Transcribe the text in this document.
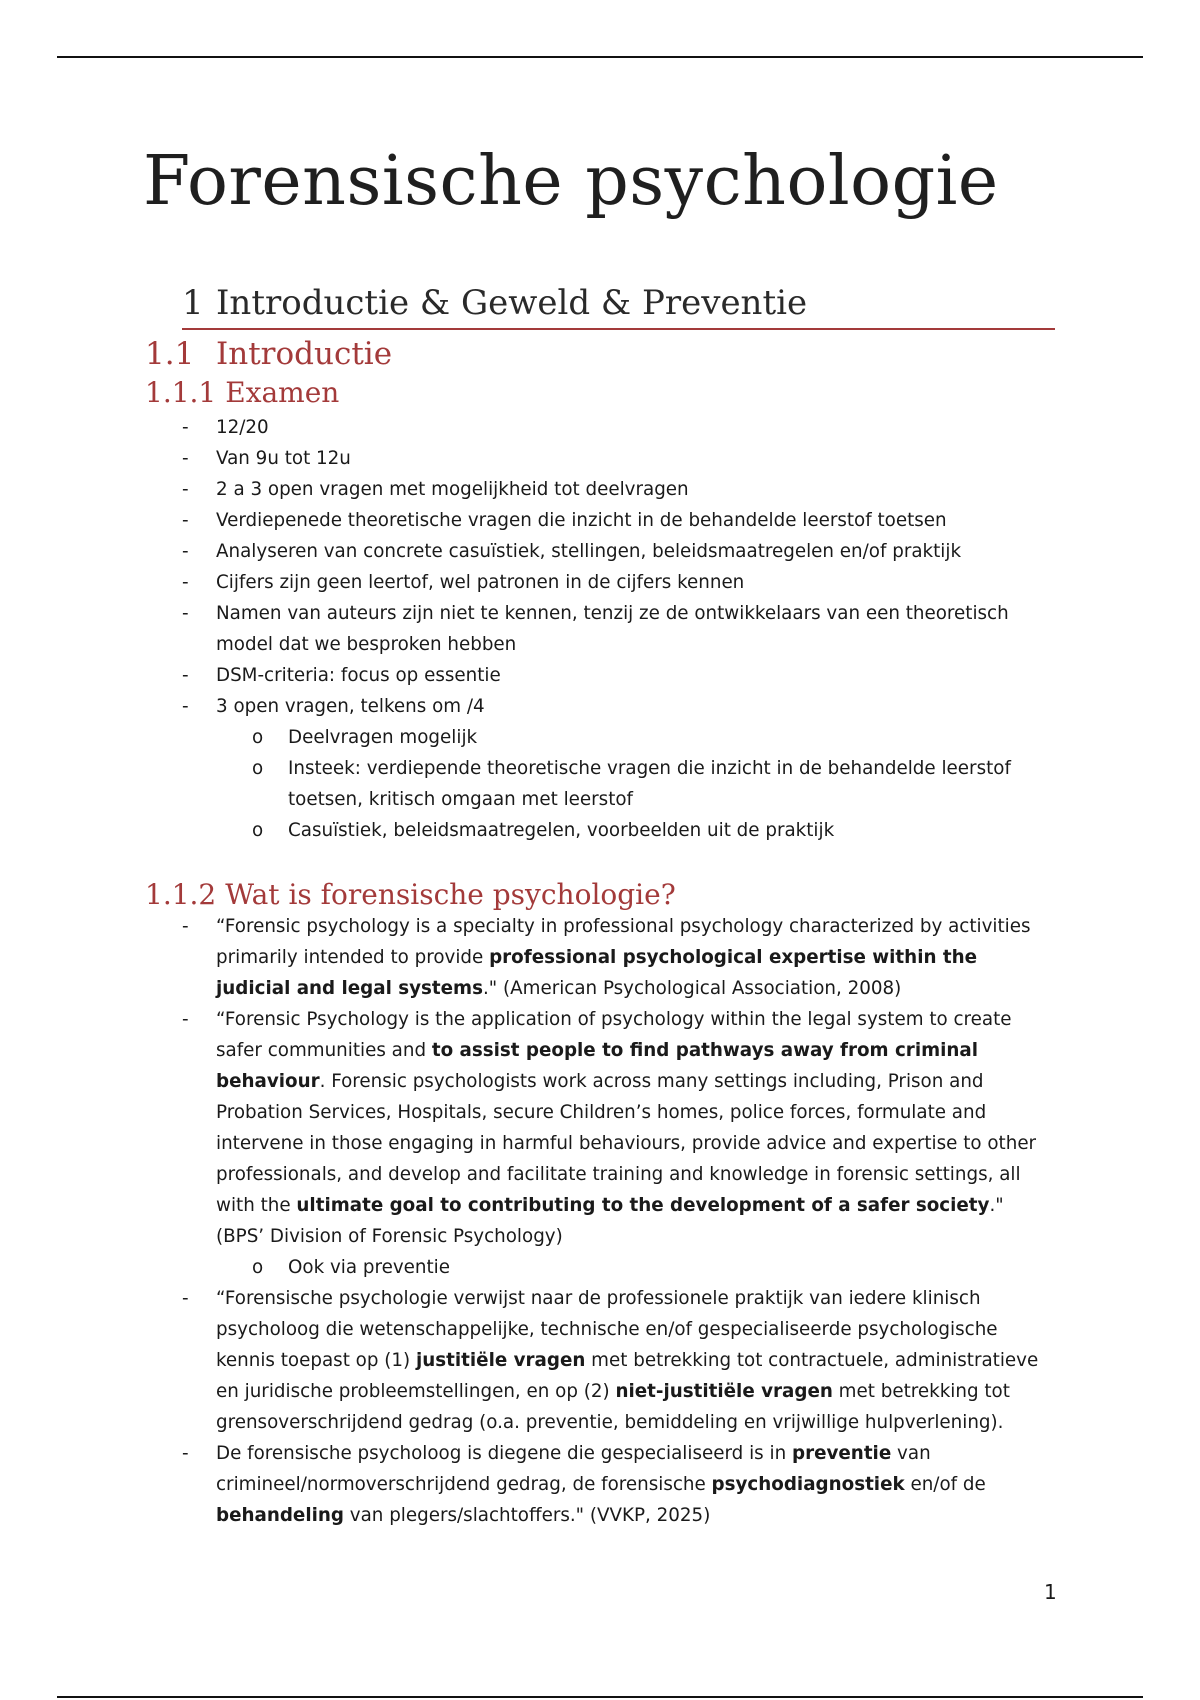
Forensische psychologie
1 Introductie & Geweld & Preventie
1.1 Introductie
1.1.1 Examen
- 12/20
- Van 9u tot 12u
- 2 a 3 open vragen met mogelijkheid tot deelvragen
- Verdiepenede theoretische vragen die inzicht in de behandelde leerstof toetsen
- Analyseren van concrete casuïstiek, stellingen, beleidsmaatregelen en/of praktijk
- Cijfers zijn geen leertof, wel patronen in de cijfers kennen
- Namen van auteurs zijn niet te kennen, tenzij ze de ontwikkelaars van een theoretisch model dat we besproken hebben
- DSM-criteria: focus op essentie
- 3 open vragen, telkens om /4
o Deelvragen mogelijk
o Insteek: verdiepende theoretische vragen die inzicht in de behandelde leerstof toetsen, kritisch omgaan met leerstof
o Casuïstiek, beleidsmaatregelen, voorbeelden uit de praktijk
1.1.2 Wat is forensische psychologie?
- “Forensic psychology is a specialty in professional psychology characterized by activities primarily intended to provide professional psychological expertise within the judicial and legal systems." (American Psychological Association, 2008)
- “Forensic Psychology is the application of psychology within the legal system to create safer communities and to assist people to find pathways away from criminal behaviour. Forensic psychologists work across many settings including, Prison and Probation Services, Hospitals, secure Children’s homes, police forces, formulate and intervene in those engaging in harmful behaviours, provide advice and expertise to other professionals, and develop and facilitate training and knowledge in forensic settings, all with the ultimate goal to contributing to the development of a safer society." (BPS’ Division of Forensic Psychology)
o Ook via preventie
- “Forensische psychologie verwijst naar de professionele praktijk van iedere klinisch psycholoog die wetenschappelijke, technische en/of gespecialiseerde psychologische kennis toepast op (1) justitiële vragen met betrekking tot contractuele, administratieve en juridische probleemstellingen, en op (2) niet-justitiële vragen met betrekking tot grensoverschrijdend gedrag (o.a. preventie, bemiddeling en vrijwillige hulpverlening).
- De forensische psycholoog is diegene die gespecialiseerd is in preventie van crimineel/normoverschrijdend gedrag, de forensische psychodiagnostiek en/of de behandeling van plegers/slachtoffers." (VVKP, 2025)
1
